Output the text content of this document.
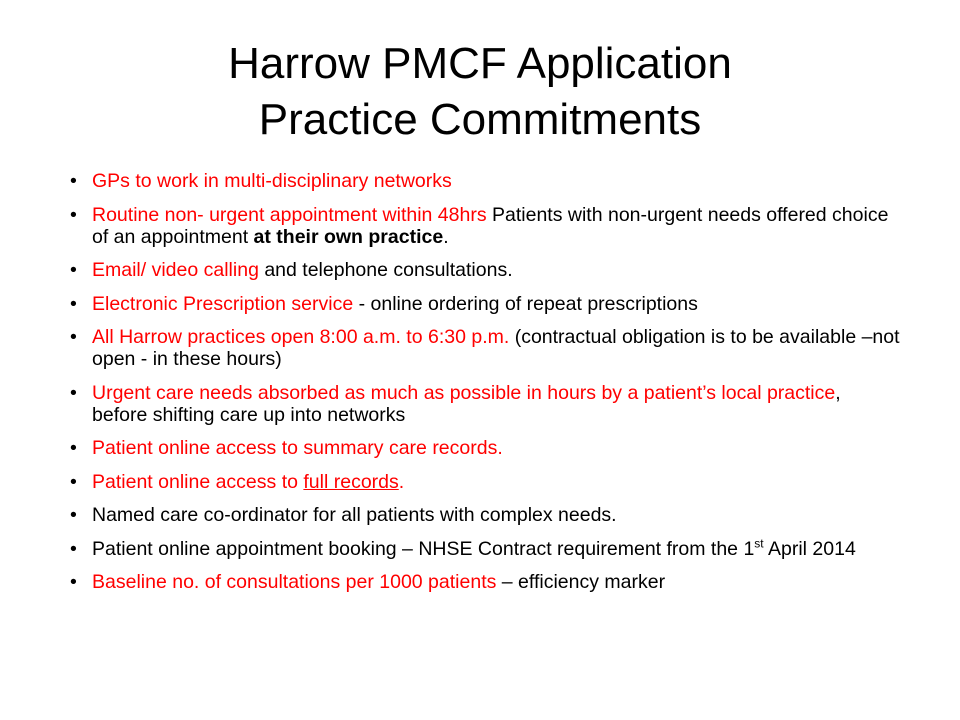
Harrow PMCF Application
Practice Commitments
• GPs to work in multi-disciplinary networks
• Routine non- urgent appointment within 48hrs Patients with non-urgent needs offered choice of an appointment at their own practice.
• Email/ video calling and telephone consultations.
• Electronic Prescription service - online ordering of repeat prescriptions
• All Harrow practices open 8:00 a.m. to 6:30 p.m. (contractual obligation is to be available –not open - in these hours)
• Urgent care needs absorbed as much as possible in hours by a patient’s local practice, before shifting care up into networks
• Patient online access to summary care records.
• Patient online access to full records.
• Named care co-ordinator for all patients with complex needs.
• Patient online appointment booking – NHSE Contract requirement from the 1st April 2014
• Baseline no. of consultations per 1000 patients – efficiency marker
